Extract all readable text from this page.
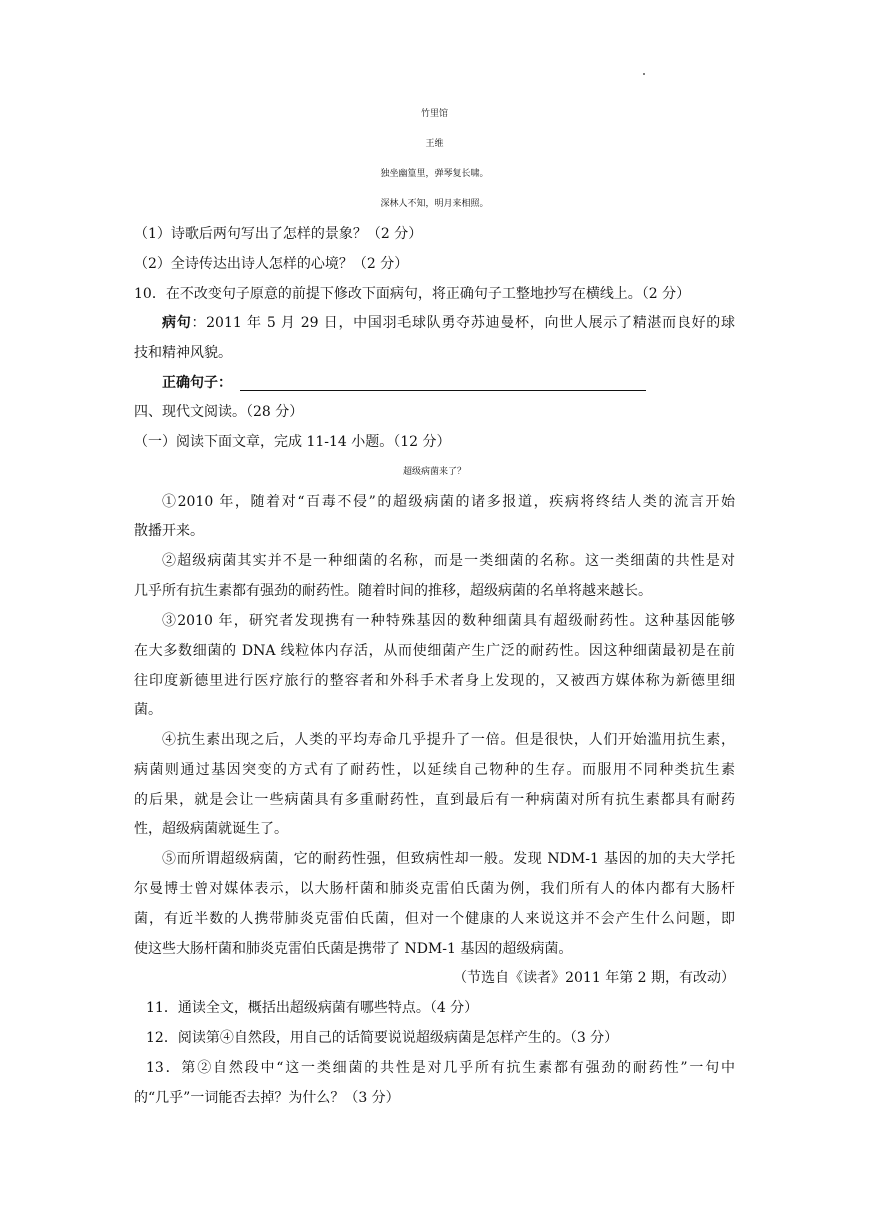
竹里馆
王维
独坐幽篁里，弹琴复长啸。
深林人不知，明月来相照。
（1）诗歌后两句写出了怎样的景象？（2 分）
（2）全诗传达出诗人怎样的心境？（2 分）
10．在不改变句子原意的前提下修改下面病句，将正确句子工整地抄写在横线上。（2 分）
病句：2011 年 5 月 29 日，中国羽毛球队勇夺苏迪曼杯，向世人展示了精湛而良好的球
技和精神风貌。
正确句子：
四、现代文阅读。（28 分）
（一）阅读下面文章，完成 11-14 小题。（12 分）
超级病菌来了？
①2010 年，随着对“百毒不侵”的超级病菌的诸多报道，疾病将终结人类的流言开始
散播开来。
②超级病菌其实并不是一种细菌的名称，而是一类细菌的名称。这一类细菌的共性是对
几乎所有抗生素都有强劲的耐药性。随着时间的推移，超级病菌的名单将越来越长。
③2010 年，研究者发现携有一种特殊基因的数种细菌具有超级耐药性。这种基因能够
在大多数细菌的 DNA 线粒体内存活，从而使细菌产生广泛的耐药性。因这种细菌最初是在前
往印度新德里进行医疗旅行的整容者和外科手术者身上发现的，又被西方媒体称为新德里细
菌。
④抗生素出现之后，人类的平均寿命几乎提升了一倍。但是很快，人们开始滥用抗生素，
病菌则通过基因突变的方式有了耐药性，以延续自己物种的生存。而服用不同种类抗生素
的后果，就是会让一些病菌具有多重耐药性，直到最后有一种病菌对所有抗生素都具有耐药
性，超级病菌就诞生了。
⑤而所谓超级病菌，它的耐药性强，但致病性却一般。发现 NDM-1 基因的加的夫大学托
尔曼博士曾对媒体表示，以大肠杆菌和肺炎克雷伯氏菌为例，我们所有人的体内都有大肠杆
菌，有近半数的人携带肺炎克雷伯氏菌，但对一个健康的人来说这并不会产生什么问题，即
使这些大肠杆菌和肺炎克雷伯氏菌是携带了 NDM-1 基因的超级病菌。
（节选自《读者》2011 年第 2 期，有改动）
11．通读全文，概括出超级病菌有哪些特点。（4 分）
12．阅读第④自然段，用自己的话简要说说超级病菌是怎样产生的。（3 分）
13．第②自然段中“这一类细菌的共性是对几乎所有抗生素都有强劲的耐药性”一句中
的“几乎”一词能否去掉？为什么？（3 分）
